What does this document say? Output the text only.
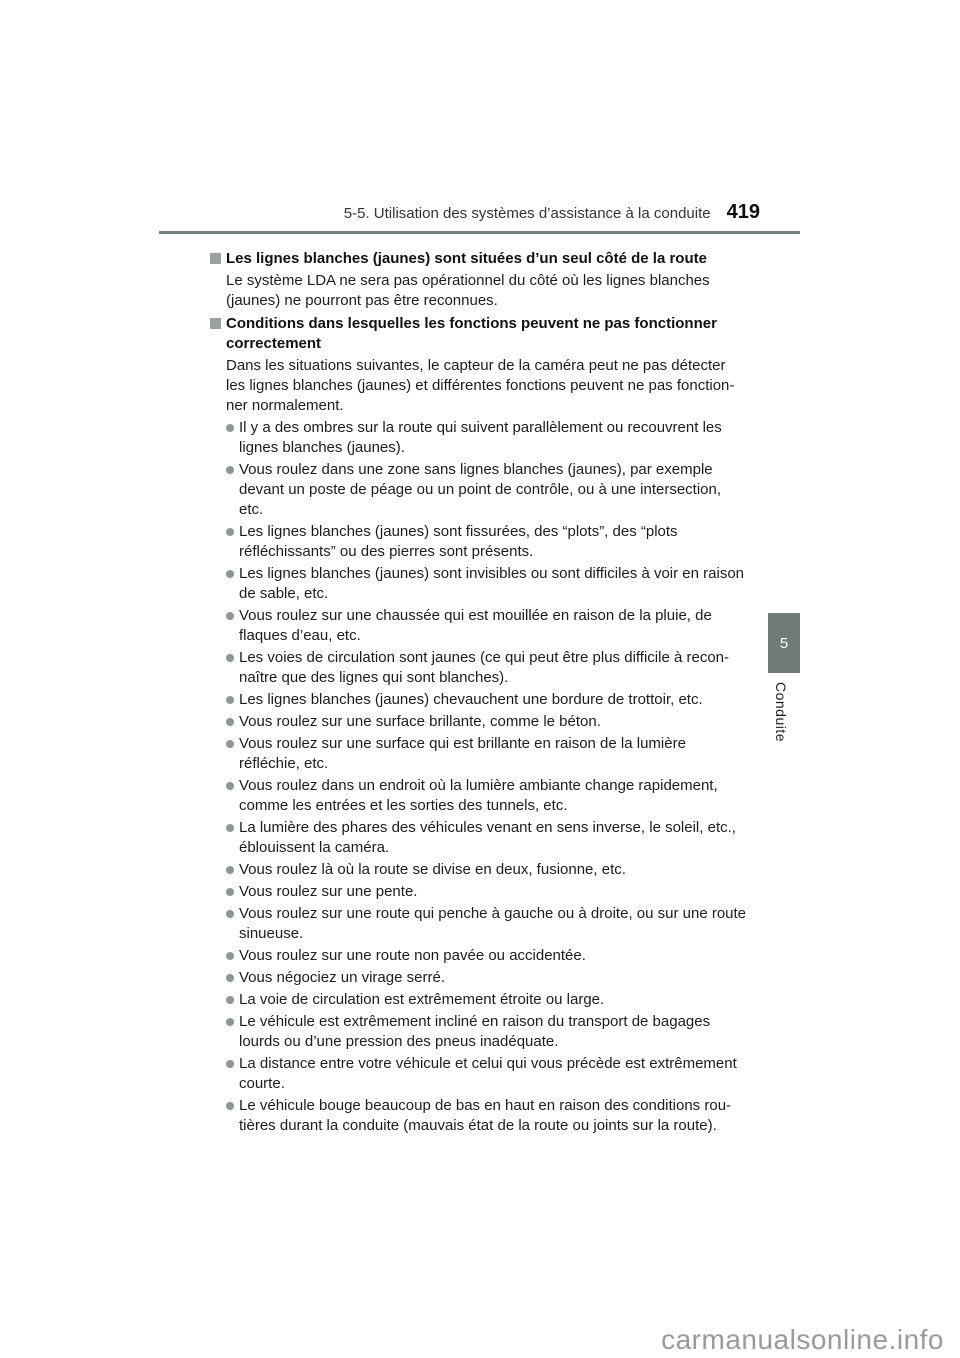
5-5. Utilisation des systèmes d’assistance à la conduite 419
Les lignes blanches (jaunes) sont situées d’un seul côté de la route
Le système LDA ne sera pas opérationnel du côté où les lignes blanches
(jaunes) ne pourront pas être reconnues.
Conditions dans lesquelles les fonctions peuvent ne pas fonctionner
correctement
Dans les situations suivantes, le capteur de la caméra peut ne pas détecter
les lignes blanches (jaunes) et différentes fonctions peuvent ne pas fonction-
ner normalement.
Il y a des ombres sur la route qui suivent parallèlement ou recouvrent les
lignes blanches (jaunes).
Vous roulez dans une zone sans lignes blanches (jaunes), par exemple
devant un poste de péage ou un point de contrôle, ou à une intersection,
etc.
Les lignes blanches (jaunes) sont fissurées, des “plots”, des “plots
réfléchissants” ou des pierres sont présents.
Les lignes blanches (jaunes) sont invisibles ou sont difficiles à voir en raison
de sable, etc.
Vous roulez sur une chaussée qui est mouillée en raison de la pluie, de
flaques d’eau, etc.
Les voies de circulation sont jaunes (ce qui peut être plus difficile à recon-
naître que des lignes qui sont blanches).
Les lignes blanches (jaunes) chevauchent une bordure de trottoir, etc.
Vous roulez sur une surface brillante, comme le béton.
Vous roulez sur une surface qui est brillante en raison de la lumière
réfléchie, etc.
Vous roulez dans un endroit où la lumière ambiante change rapidement,
comme les entrées et les sorties des tunnels, etc.
La lumière des phares des véhicules venant en sens inverse, le soleil, etc.,
éblouissent la caméra.
Vous roulez là où la route se divise en deux, fusionne, etc.
Vous roulez sur une pente.
Vous roulez sur une route qui penche à gauche ou à droite, ou sur une route
sinueuse.
Vous roulez sur une route non pavée ou accidentée.
Vous négociez un virage serré.
La voie de circulation est extrêmement étroite ou large.
Le véhicule est extrêmement incliné en raison du transport de bagages
lourds ou d’une pression des pneus inadéquate.
La distance entre votre véhicule et celui qui vous précède est extrêmement
courte.
Le véhicule bouge beaucoup de bas en haut en raison des conditions rou-
tières durant la conduite (mauvais état de la route ou joints sur la route).
5
Conduite
carmanualsonline.info
